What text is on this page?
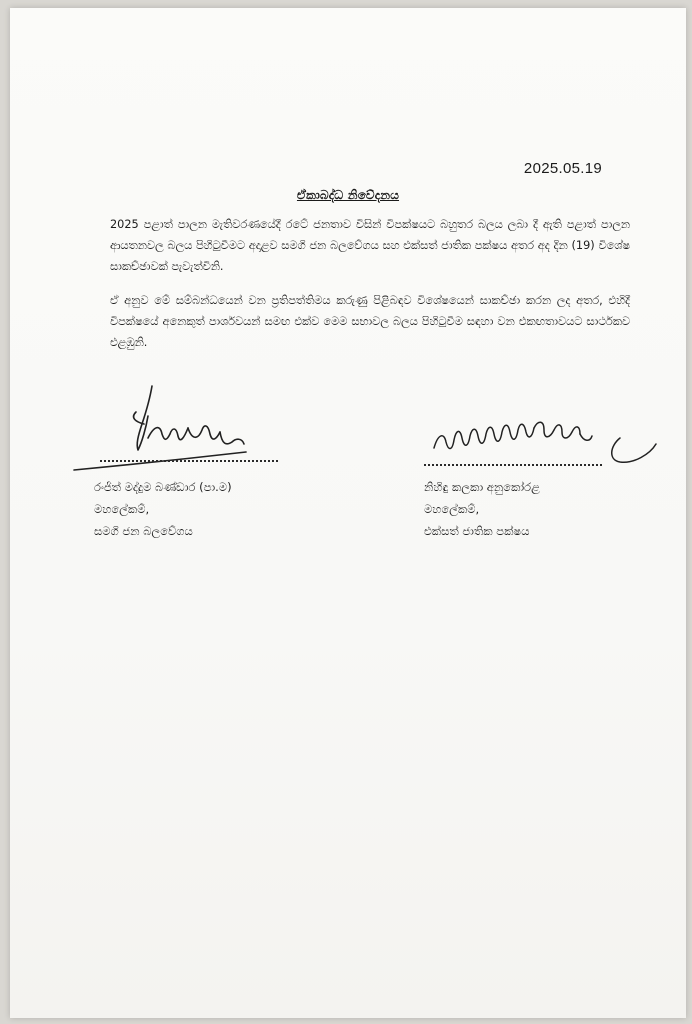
2025.05.19
ඒකාබද්ධ නිවේදනය
2025 පළාත් පාලන මැතිවරණයේදී රටේ ජනතාව විසින් විපක්ෂයට බහුතර බලය ලබා දී ඇති පළාත් පාලන ආයතනවල බලය පිහිටුවීමට අදාළව සමගි ජන බලවේගය සහ එක්සත් ජාතික පක්ෂය අතර අද දින (19) විශේෂ සාකච්ඡාවක් පැවැත්විනි.
ඒ අනුව මේ සම්බන්ධයෙන් වන ප්‍රතිපත්තිමය කරුණු පිළිබඳව විශේෂයෙන් සාකච්ඡා කරන ලද අතර, එහිදී විපක්ෂයේ අනෙකුත් පාර්ශවයන් සමඟ එක්ව මෙම සභාවල බලය පිහිටුවීම සඳහා වන එකඟතාවයට සාර්ථකව එළඹුනි.
රංජිත් මද්දුම බණ්ඩාර (පා.ම)
මහලේකම්,
සමගි ජන බලවේගය
නිහිඳු කලකා අනුකෝරළ
මහලේකම්,
එක්සත් ජාතික පක්ෂය
